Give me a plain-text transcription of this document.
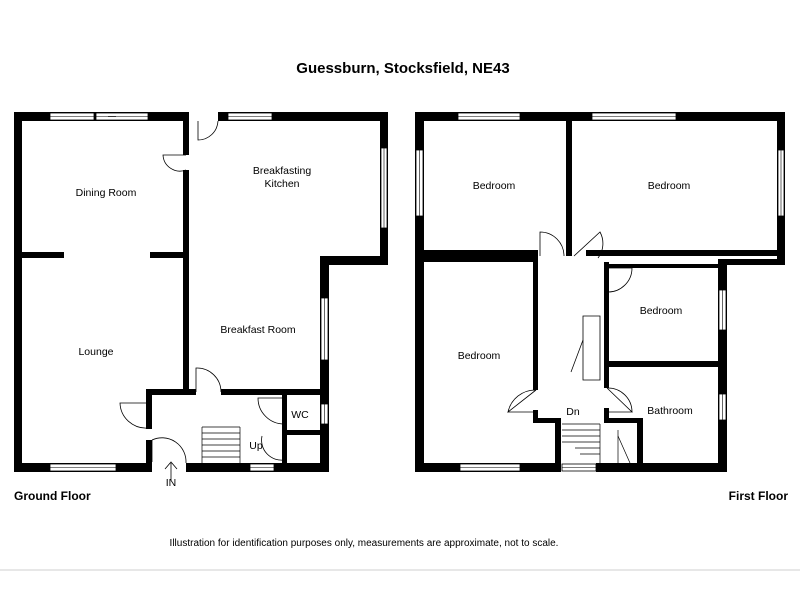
Guessburn, Stocksfield, NE43
Dining Room
Breakfasting
Kitchen
Lounge
Breakfast Room
WC
Up
IN
Bedroom	Bedroom
Bedroom
Bedroom
Bathroom
Dn
Ground Floor	First Floor
Illustration for identification purposes only, measurements are approximate, not to scale.
